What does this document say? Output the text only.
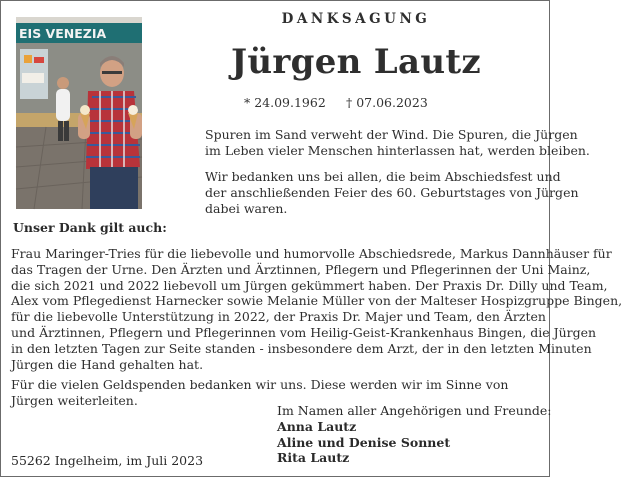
EIS VENEZIA
DANKSAGUNG
Jürgen Lautz
* 24.09.1962 † 07.06.2023
Spuren im Sand verweht der Wind. Die Spuren, die Jürgen
im Leben vieler Menschen hinterlassen hat, werden bleiben.
Wir bedanken uns bei allen, die beim Abschiedsfest und
der anschließenden Feier des 60. Geburtstages von Jürgen
dabei waren.
Unser Dank gilt auch:
Frau Maringer-Tries für die liebevolle und humorvolle Abschiedsrede, Markus Dannhäuser für
das Tragen der Urne. Den Ärzten und Ärztinnen, Pflegern und Pflegerinnen der Uni Mainz,
die sich 2021 und 2022 liebevoll um Jürgen gekümmert haben. Der Praxis Dr. Dilly und Team,
Alex vom Pflegedienst Harnecker sowie Melanie Müller von der Malteser Hospizgruppe Bingen,
für die liebevolle Unterstützung in 2022, der Praxis Dr. Majer und Team, den Ärzten
und Ärztinnen, Pflegern und Pflegerinnen vom Heilig-Geist-Krankenhaus Bingen, die Jürgen
in den letzten Tagen zur Seite standen - insbesondere dem Arzt, der in den letzten Minuten
Jürgen die Hand gehalten hat.
Für die vielen Geldspenden bedanken wir uns. Diese werden wir im Sinne von Jürgen weiterleiten.
Im Namen aller Angehörigen und Freunde:
Anna Lautz
Aline und Denise Sonnet
Rita Lautz
55262 Ingelheim, im Juli 2023
